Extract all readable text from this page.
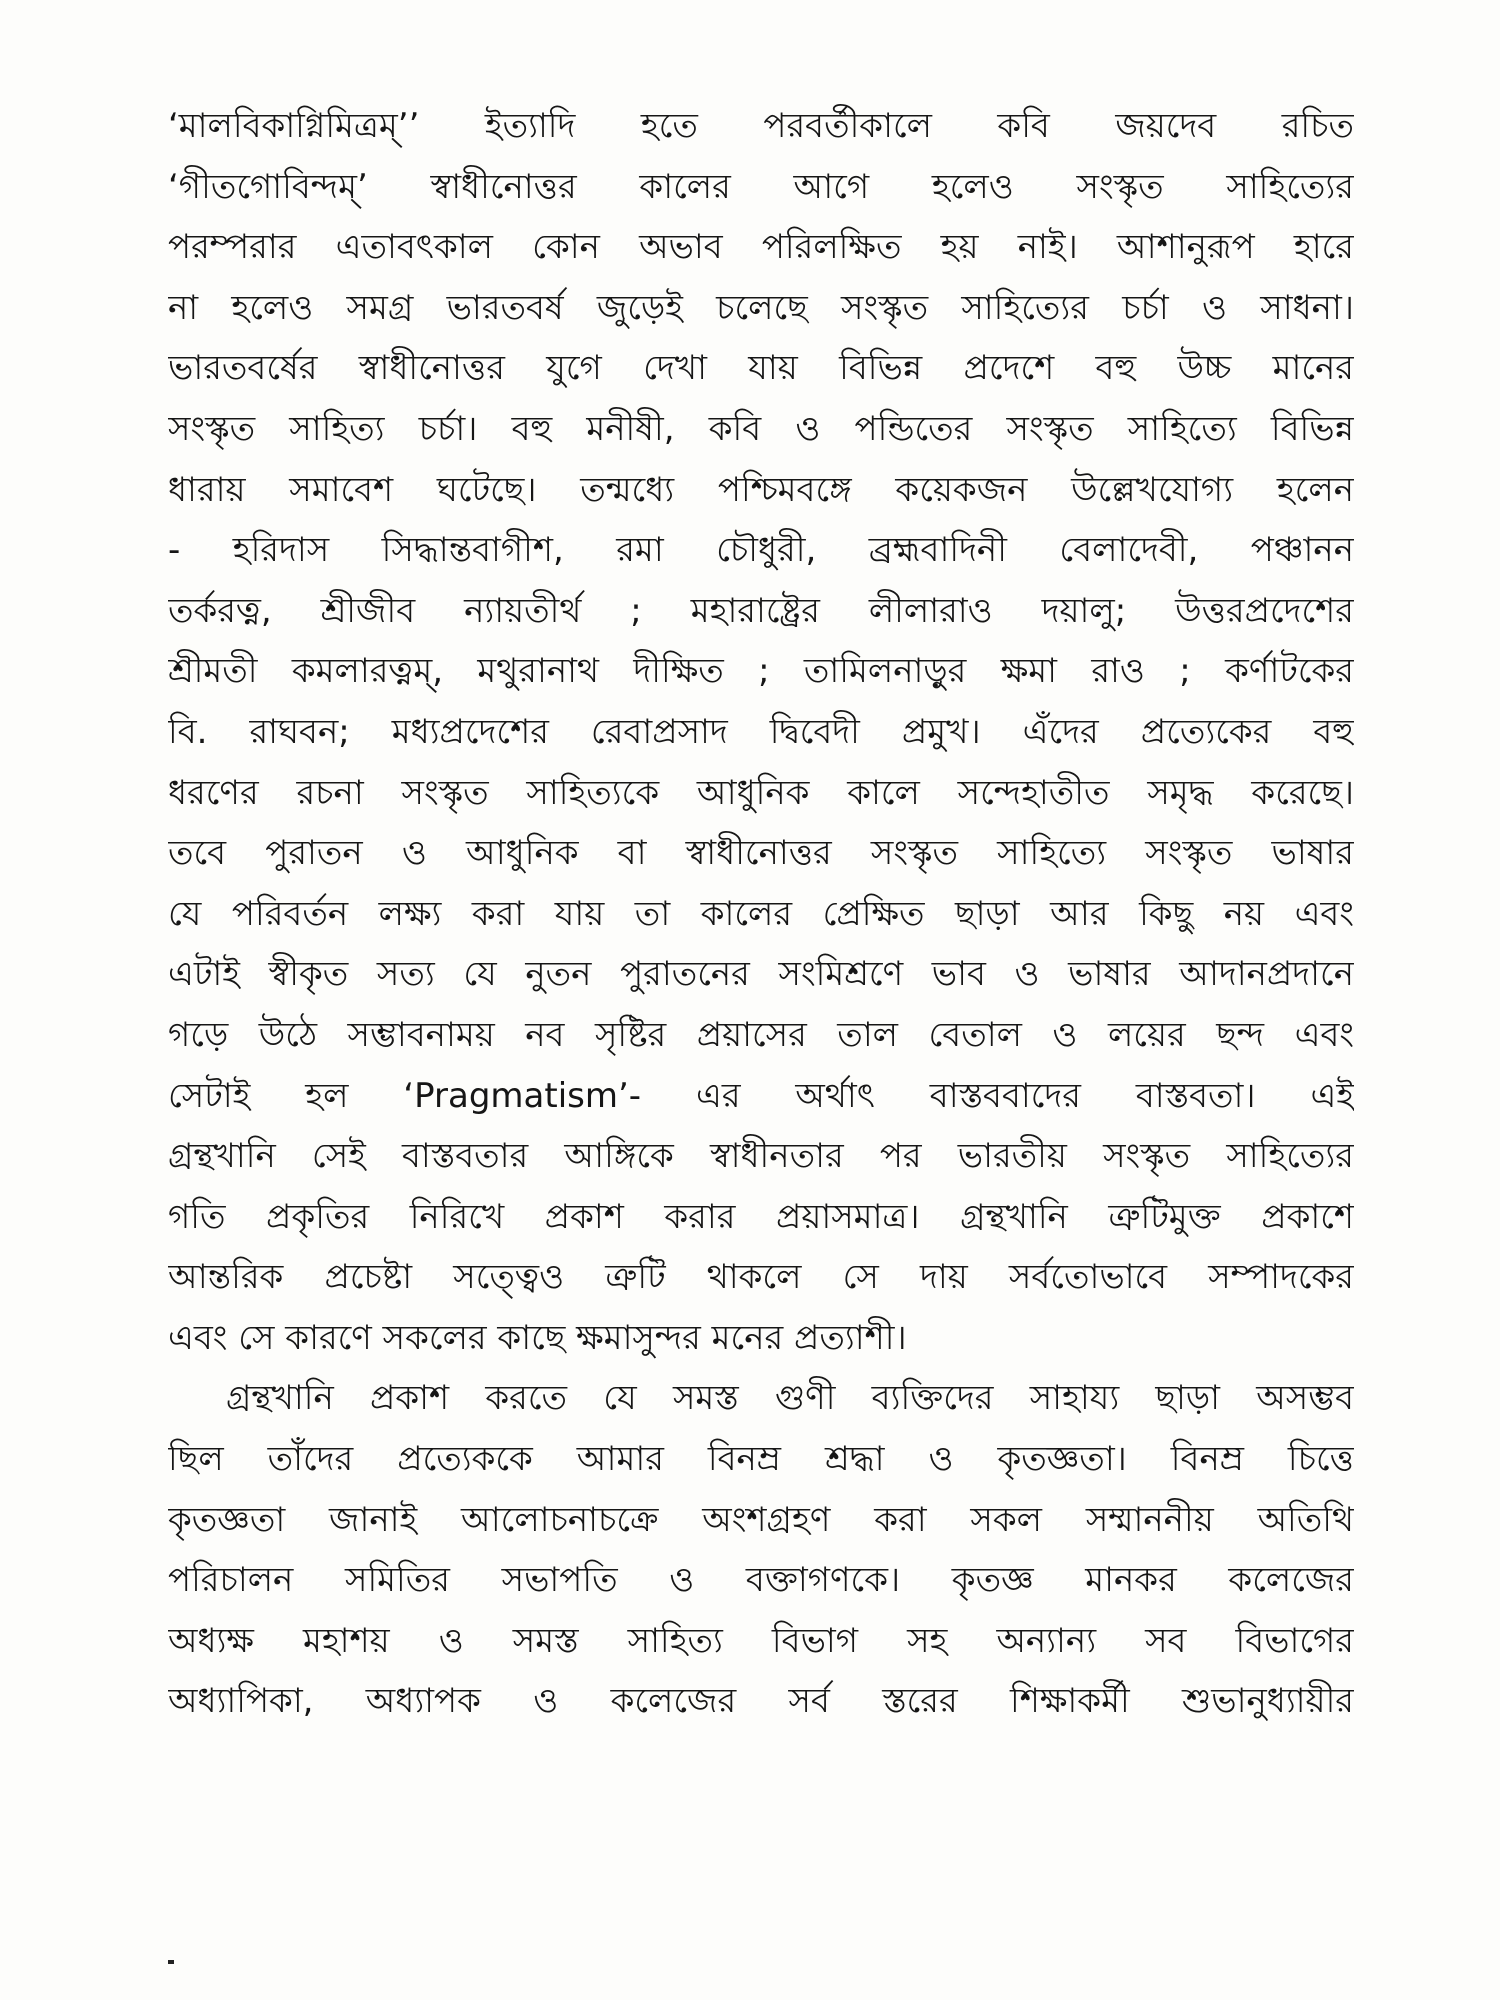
‘মালবিকাগ্নিমিত্রম্’’ ইত্যাদি হতে পরবর্তীকালে কবি জয়দেব রচিত
‘গীতগোবিন্দম্’ স্বাধীনোত্তর কালের আগে হলেও সংস্কৃত সাহিত্যের
পরম্পরার এতাবৎকাল কোন অভাব পরিলক্ষিত হয় নাই। আশানুরূপ হারে
না হলেও সমগ্র ভারতবর্ষ জুড়েই চলেছে সংস্কৃত সাহিত্যের চর্চা ও সাধনা।
ভারতবর্ষের স্বাধীনোত্তর যুগে দেখা যায় বিভিন্ন প্রদেশে বহু উচ্চ মানের
সংস্কৃত সাহিত্য চর্চা। বহু মনীষী, কবি ও পন্ডিতের সংস্কৃত সাহিত্যে বিভিন্ন
ধারায় সমাবেশ ঘটেছে। তন্মধ্যে পশ্চিমবঙ্গে কয়েকজন উল্লেখযোগ্য হলেন
- হরিদাস সিদ্ধান্তবাগীশ, রমা চৌধুরী, ব্রহ্মবাদিনী বেলাদেবী, পঞ্চানন
তর্করত্ন, শ্রীজীব ন্যায়তীর্থ ; মহারাষ্ট্রের লীলারাও দয়ালু; উত্তরপ্রদেশের
শ্রীমতী কমলারত্নম্, মথুরানাথ দীক্ষিত ; তামিলনাড়ুর ক্ষমা রাও ; কর্ণাটকের
বি. রাঘবন; মধ্যপ্রদেশের রেবাপ্রসাদ দ্বিবেদী প্রমুখ। এঁদের প্রত্যেকের বহু
ধরণের রচনা সংস্কৃত সাহিত্যকে আধুনিক কালে সন্দেহাতীত সমৃদ্ধ করেছে।
তবে পুরাতন ও আধুনিক বা স্বাধীনোত্তর সংস্কৃত সাহিত্যে সংস্কৃত ভাষার
যে পরিবর্তন লক্ষ্য করা যায় তা কালের প্রেক্ষিত ছাড়া আর কিছু নয় এবং
এটাই স্বীকৃত সত্য যে নুতন পুরাতনের সংমিশ্রণে ভাব ও ভাষার আদানপ্রদানে
গড়ে উঠে সম্ভাবনাময় নব সৃষ্টির প্রয়াসের তাল বেতাল ও লয়ের ছন্দ এবং
সেটাই হল ‘Pragmatism’- এর অর্থাৎ বাস্তববাদের বাস্তবতা। এই
গ্রন্থখানি সেই বাস্তবতার আঙ্গিকে স্বাধীনতার পর ভারতীয় সংস্কৃত সাহিত্যের
গতি প্রকৃতির নিরিখে প্রকাশ করার প্রয়াসমাত্র। গ্রন্থখানি ত্রুটিমুক্ত প্রকাশে
আন্তরিক প্রচেষ্টা সত্ত্বেও ত্রুটি থাকলে সে দায় সর্বতোভাবে সম্পাদকের
এবং সে কারণে সকলের কাছে ক্ষমাসুন্দর মনের প্রত্যাশী।
গ্রন্থখানি প্রকাশ করতে যে সমস্ত গুণী ব্যক্তিদের সাহায্য ছাড়া অসম্ভব
ছিল তাঁদের প্রত্যেককে আমার বিনম্র শ্রদ্ধা ও কৃতজ্ঞতা। বিনম্র চিত্তে
কৃতজ্ঞতা জানাই আলোচনাচক্রে অংশগ্রহণ করা সকল সম্মাননীয় অতিথি
পরিচালন সমিতির সভাপতি ও বক্তাগণকে। কৃতজ্ঞ মানকর কলেজের
অধ্যক্ষ মহাশয় ও সমস্ত সাহিত্য বিভাগ সহ অন্যান্য সব বিভাগের
অধ্যাপিকা, অধ্যাপক ও কলেজের সর্ব স্তরের শিক্ষাকর্মী শুভানুধ্যায়ীর
